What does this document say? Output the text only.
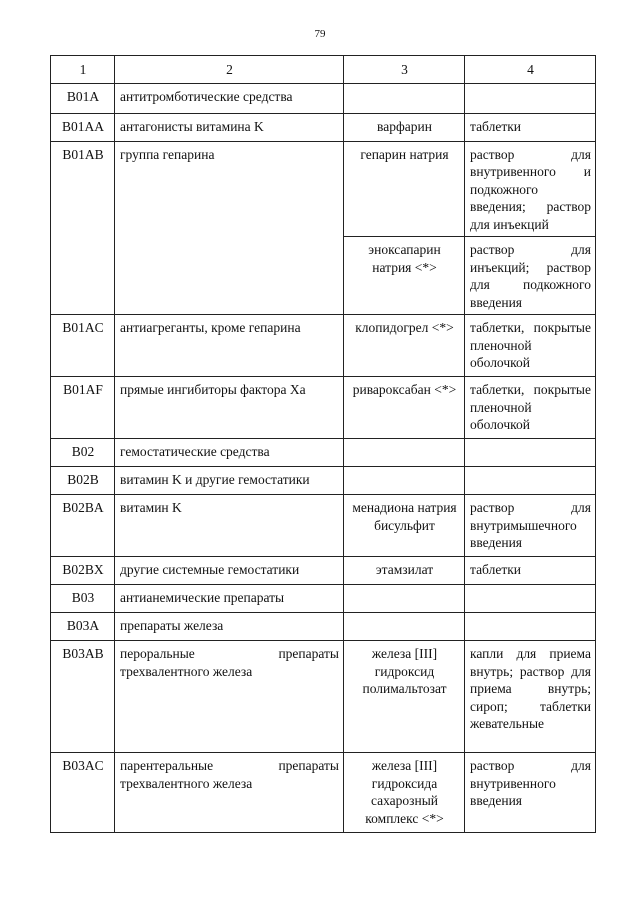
79
1	2	3	4
B01A	антитромботические средства		
B01AA	антагонисты витамина K	варфарин	таблетки
B01AB	группа гепарина	гепарин натрия	раствор для внутривенного и подкожного введения; раствор для инъекций
		эноксапарин натрия <*>	раствор для инъекций; раствор для подкожного введения
B01AC	антиагреганты, кроме гепарина	клопидогрел <*>	таблетки, покрытые пленочной оболочкой
B01AF	прямые ингибиторы фактора Xa	ривароксабан <*>	таблетки, покрытые пленочной оболочкой
B02	гемостатические средства		
B02B	витамин K и другие гемостатики		
B02BA	витамин K	менадиона натрия бисульфит	раствор для внутримышечного введения
B02BX	другие системные гемостатики	этамзилат	таблетки
B03	антианемические препараты		
B03A	препараты железа		
B03AB	пероральные препараты трехвалентного железа	железа [III] гидроксид полимальтозат	капли для приема внутрь; раствор для приема внутрь; сироп; таблетки жевательные
B03AC	парентеральные препараты трехвалентного железа	железа [III] гидроксида сахарозный комплекс <*>	раствор для внутривенного введения
